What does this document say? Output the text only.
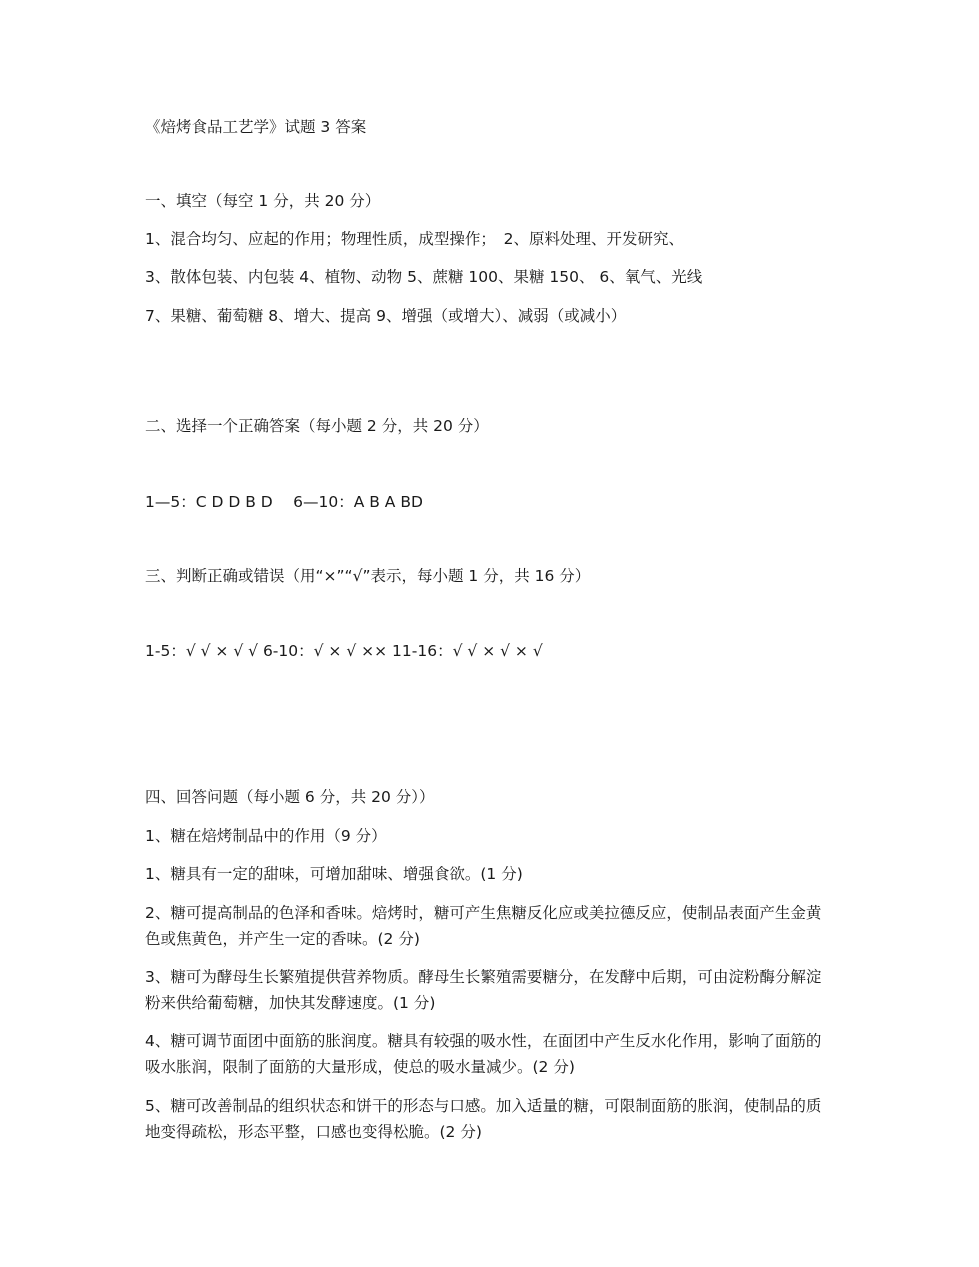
《焙烤食品工艺学》试题 3 答案
一、填空（每空 1 分，共 20 分）
1、混合均匀、应起的作用；物理性质，成型操作；　2、原料处理、开发研究、
3、散体包装、内包装 4、植物、动物 5、蔗糖 100、果糖 150、 6、氧气、光线
7、果糖、葡萄糖 8、增大、提高 9、增强（或增大）、减弱（或减小）
二、选择一个正确答案（每小题 2 分，共 20 分）
1—5：C D D B D　 6—10：A B A BD
三、判断正确或错误（用“×”“√”表示，每小题 1 分，共 16 分）
1-5：√ √ × √ √ 6-10：√ × √ ×× 11-16：√ √ × √ × √
四、回答问题（每小题 6 分，共 20 分））
1、糖在焙烤制品中的作用（9 分）
1、糖具有一定的甜味，可增加甜味、增强食欲。(1 分)
2、糖可提高制品的色泽和香味。焙烤时，糖可产生焦糖反化应或美拉德反应，使制品表面产生金黄色或焦黄色，并产生一定的香味。(2 分)
3、糖可为酵母生长繁殖提供营养物质。酵母生长繁殖需要糖分，在发酵中后期，可由淀粉酶分解淀粉来供给葡萄糖，加快其发酵速度。(1 分)
4、糖可调节面团中面筋的胀润度。糖具有较强的吸水性，在面团中产生反水化作用，影响了面筋的吸水胀润，限制了面筋的大量形成，使总的吸水量减少。(2 分)
5、糖可改善制品的组织状态和饼干的形态与口感。加入适量的糖，可限制面筋的胀润，使制品的质地变得疏松，形态平整，口感也变得松脆。(2 分)
